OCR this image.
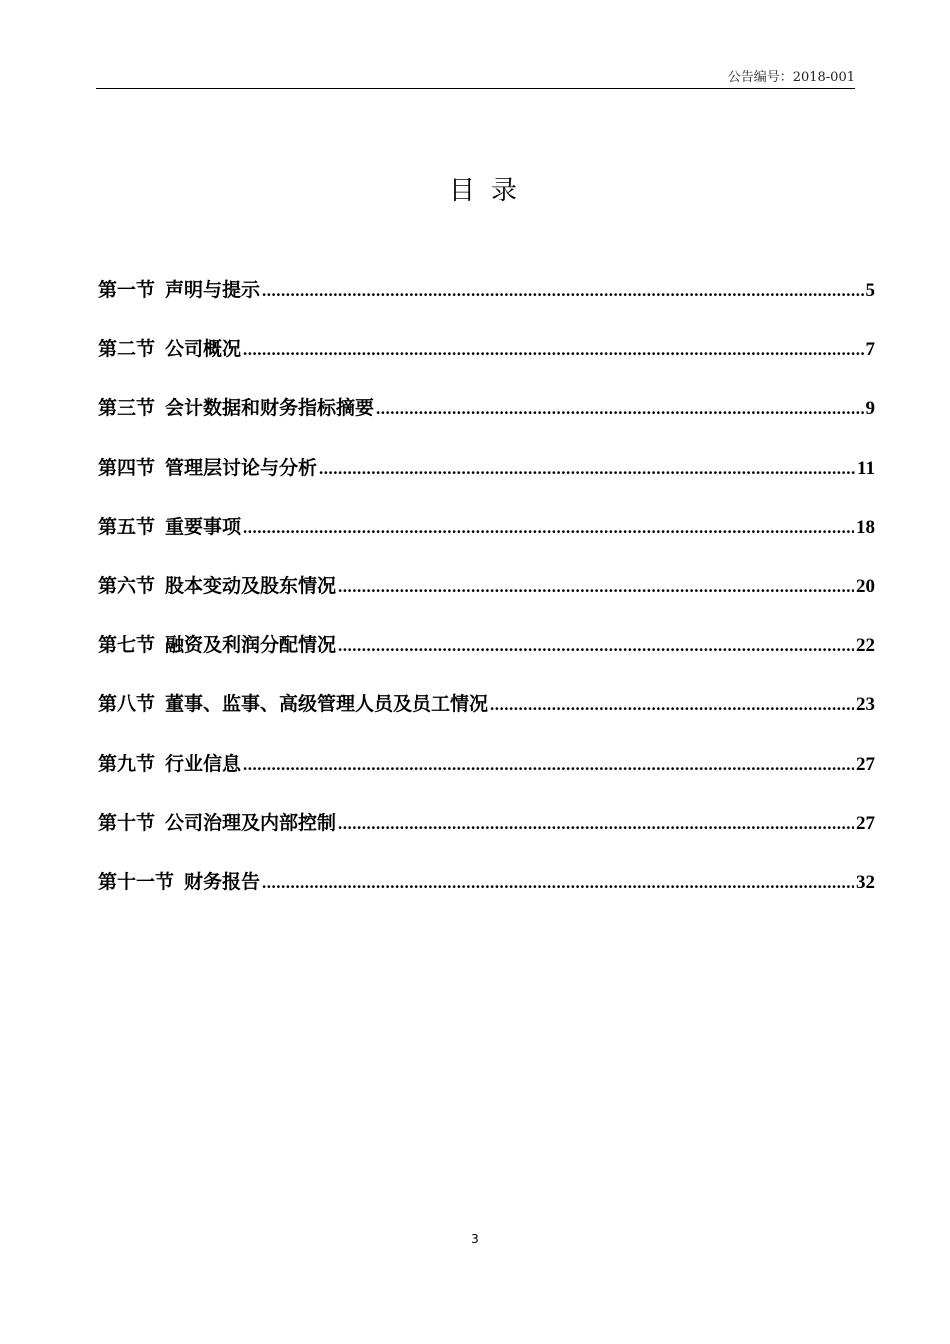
公告编号：2018-001
目录
第一节 声明与提示 .....	5
第二节 公司概况 .....	7
第三节 会计数据和财务指标摘要 .....	9
第四节 管理层讨论与分析 .....	11
第五节 重要事项 .....	18
第六节 股本变动及股东情况 .....	20
第七节 融资及利润分配情况 .....	22
第八节 董事、监事、高级管理人员及员工情况 .....	23
第九节 行业信息 .....	27
第十节 公司治理及内部控制 .....	27
第十一节 财务报告 .....	32
3
